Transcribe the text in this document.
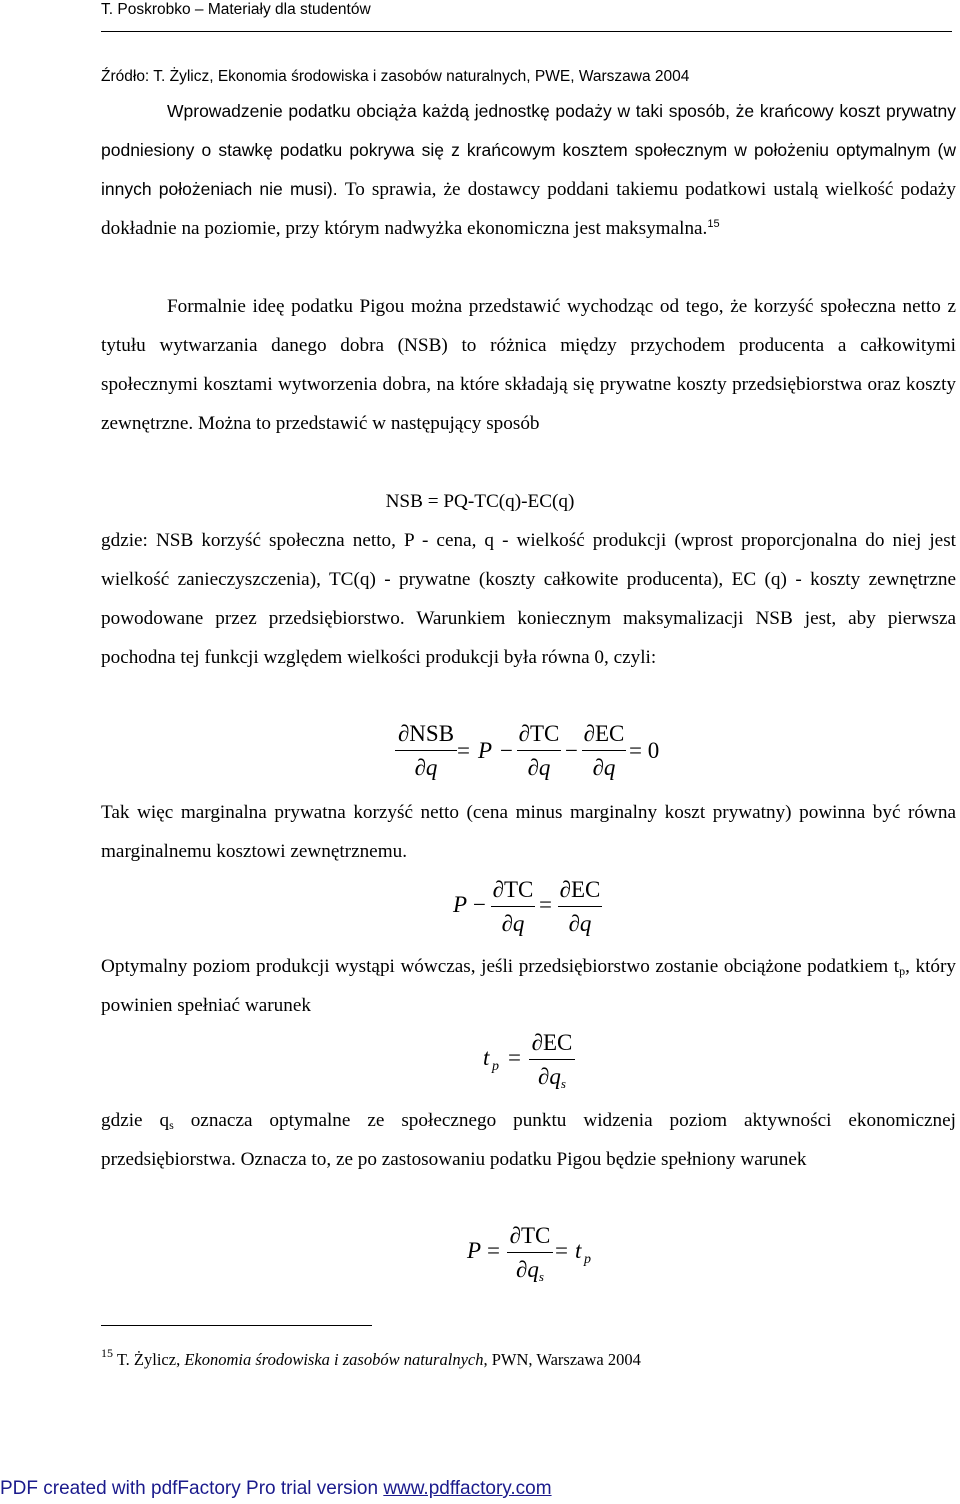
T. Poskrobko – Materiały dla studentów
Źródło: T. Żylicz, Ekonomia środowiska i zasobów naturalnych, PWE, Warszawa 2004
Wprowadzenie podatku obciąża każdą jednostkę podaży w taki sposób, że krańcowy koszt prywatny podniesiony o stawkę podatku pokrywa się z krańcowym kosztem społecznym w położeniu optymalnym (w innych położeniach nie musi). To sprawia, że dostawcy poddani takiemu podatkowi ustalą wielkość podaży dokładnie na poziomie, przy którym nadwyżka ekonomiczna jest maksymalna.$^{15}$
Formalnie ideę podatku Pigou można przedstawić wychodząc od tego, że korzyść społeczna netto z tytułu wytwarzania danego dobra (NSB) to różnica między przychodem producenta a całkowitymi społecznymi kosztami wytworzenia dobra, na które składają się prywatne koszty przedsiębiorstwa oraz koszty zewnętrzne. Można to przedstawić w następujący sposób
NSB = PQ-TC(q)-EC(q)
gdzie: NSB korzyść społeczna netto, P - cena, q - wielkość produkcji (wprost proporcjonalna do niej jest wielkość zanieczyszczenia), TC(q) - prywatne (koszty całkowite producenta), EC (q) - koszty zewnętrzne powodowane przez przedsiębiorstwo. Warunkiem koniecznym maksymalizacji NSB jest, aby pierwsza pochodna tej funkcji względem wielkości produkcji była równa 0, czyli:
∂NSB
∂q
= P −
∂TC
∂q
−
∂EC
∂q
= 0
Tak więc marginalna prywatna korzyść netto (cena minus marginalny koszt prywatny) powinna być równa marginalnemu kosztowi zewnętrznemu.
P −
∂TC
∂q
=
∂EC
∂q
Optymalny poziom produkcji wystąpi wówczas, jeśli przedsiębiorstwo zostanie obciążone podatkiem $t_p$, który powinien spełniać warunek
t p =
∂EC
$\partial q_s$
gdzie $q_s$ oznacza optymalne ze społecznego punktu widzenia poziom aktywności ekonomicznej przedsiębiorstwa. Oznacza to, ze po zastosowaniu podatku Pigou będzie spełniony warunek
P =
∂TC
$\partial q_s$
= t p
$^{15}$ T. Żylicz, Ekonomia środowiska i zasobów naturalnych, PWN, Warszawa 2004
PDF created with pdfFactory Pro trial version www.pdffactory.com
